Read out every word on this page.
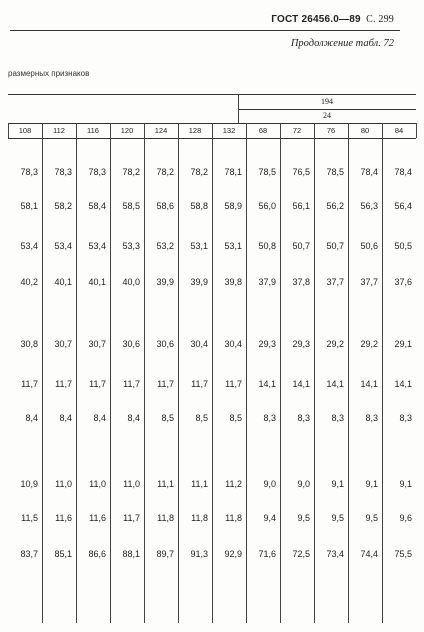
ГОСТ 26456.0—89 С. 299
Продолжение табл. 72
размерных признаков
194
24
108	112	116	120	124	128	132	68	72	76	80	84
78,3	78,3	78,3	78,2	78,2	78,2	78,1	78,5	76,5	78,5	78,4	78,4
58,1	58,2	58,4	58,5	58,6	58,8	58,9	56,0	56,1	56,2	56,3	56,4
53,4	53,4	53,4	53,3	53,2	53,1	53,1	50,8	50,7	50,7	50,6	50,5
40,2	40,1	40,1	40,0	39,9	39,9	39,8	37,9	37,8	37,7	37,7	37,6
30,8	30,7	30,7	30,6	30,6	30,4	30,4	29,3	29,3	29,2	29,2	29,1
11,7	11,7	11,7	11,7	11,7	11,7	11,7	14,1	14,1	14,1	14,1	14,1
8,4	8,4	8,4	8,4	8,5	8,5	8,5	8,3	8,3	8,3	8,3	8,3
10,9	11,0	11,0	11,0	11,1	11,1	11,2	9,0	9,0	9,1	9,1	9,1
11,5	11,6	11,6	11,7	11,8	11,8	11,8	9,4	9,5	9,5	9,5	9,6
83,7	85,1	86,6	88,1	89,7	91,3	92,9	71,6	72,5	73,4	74,4	75,5
